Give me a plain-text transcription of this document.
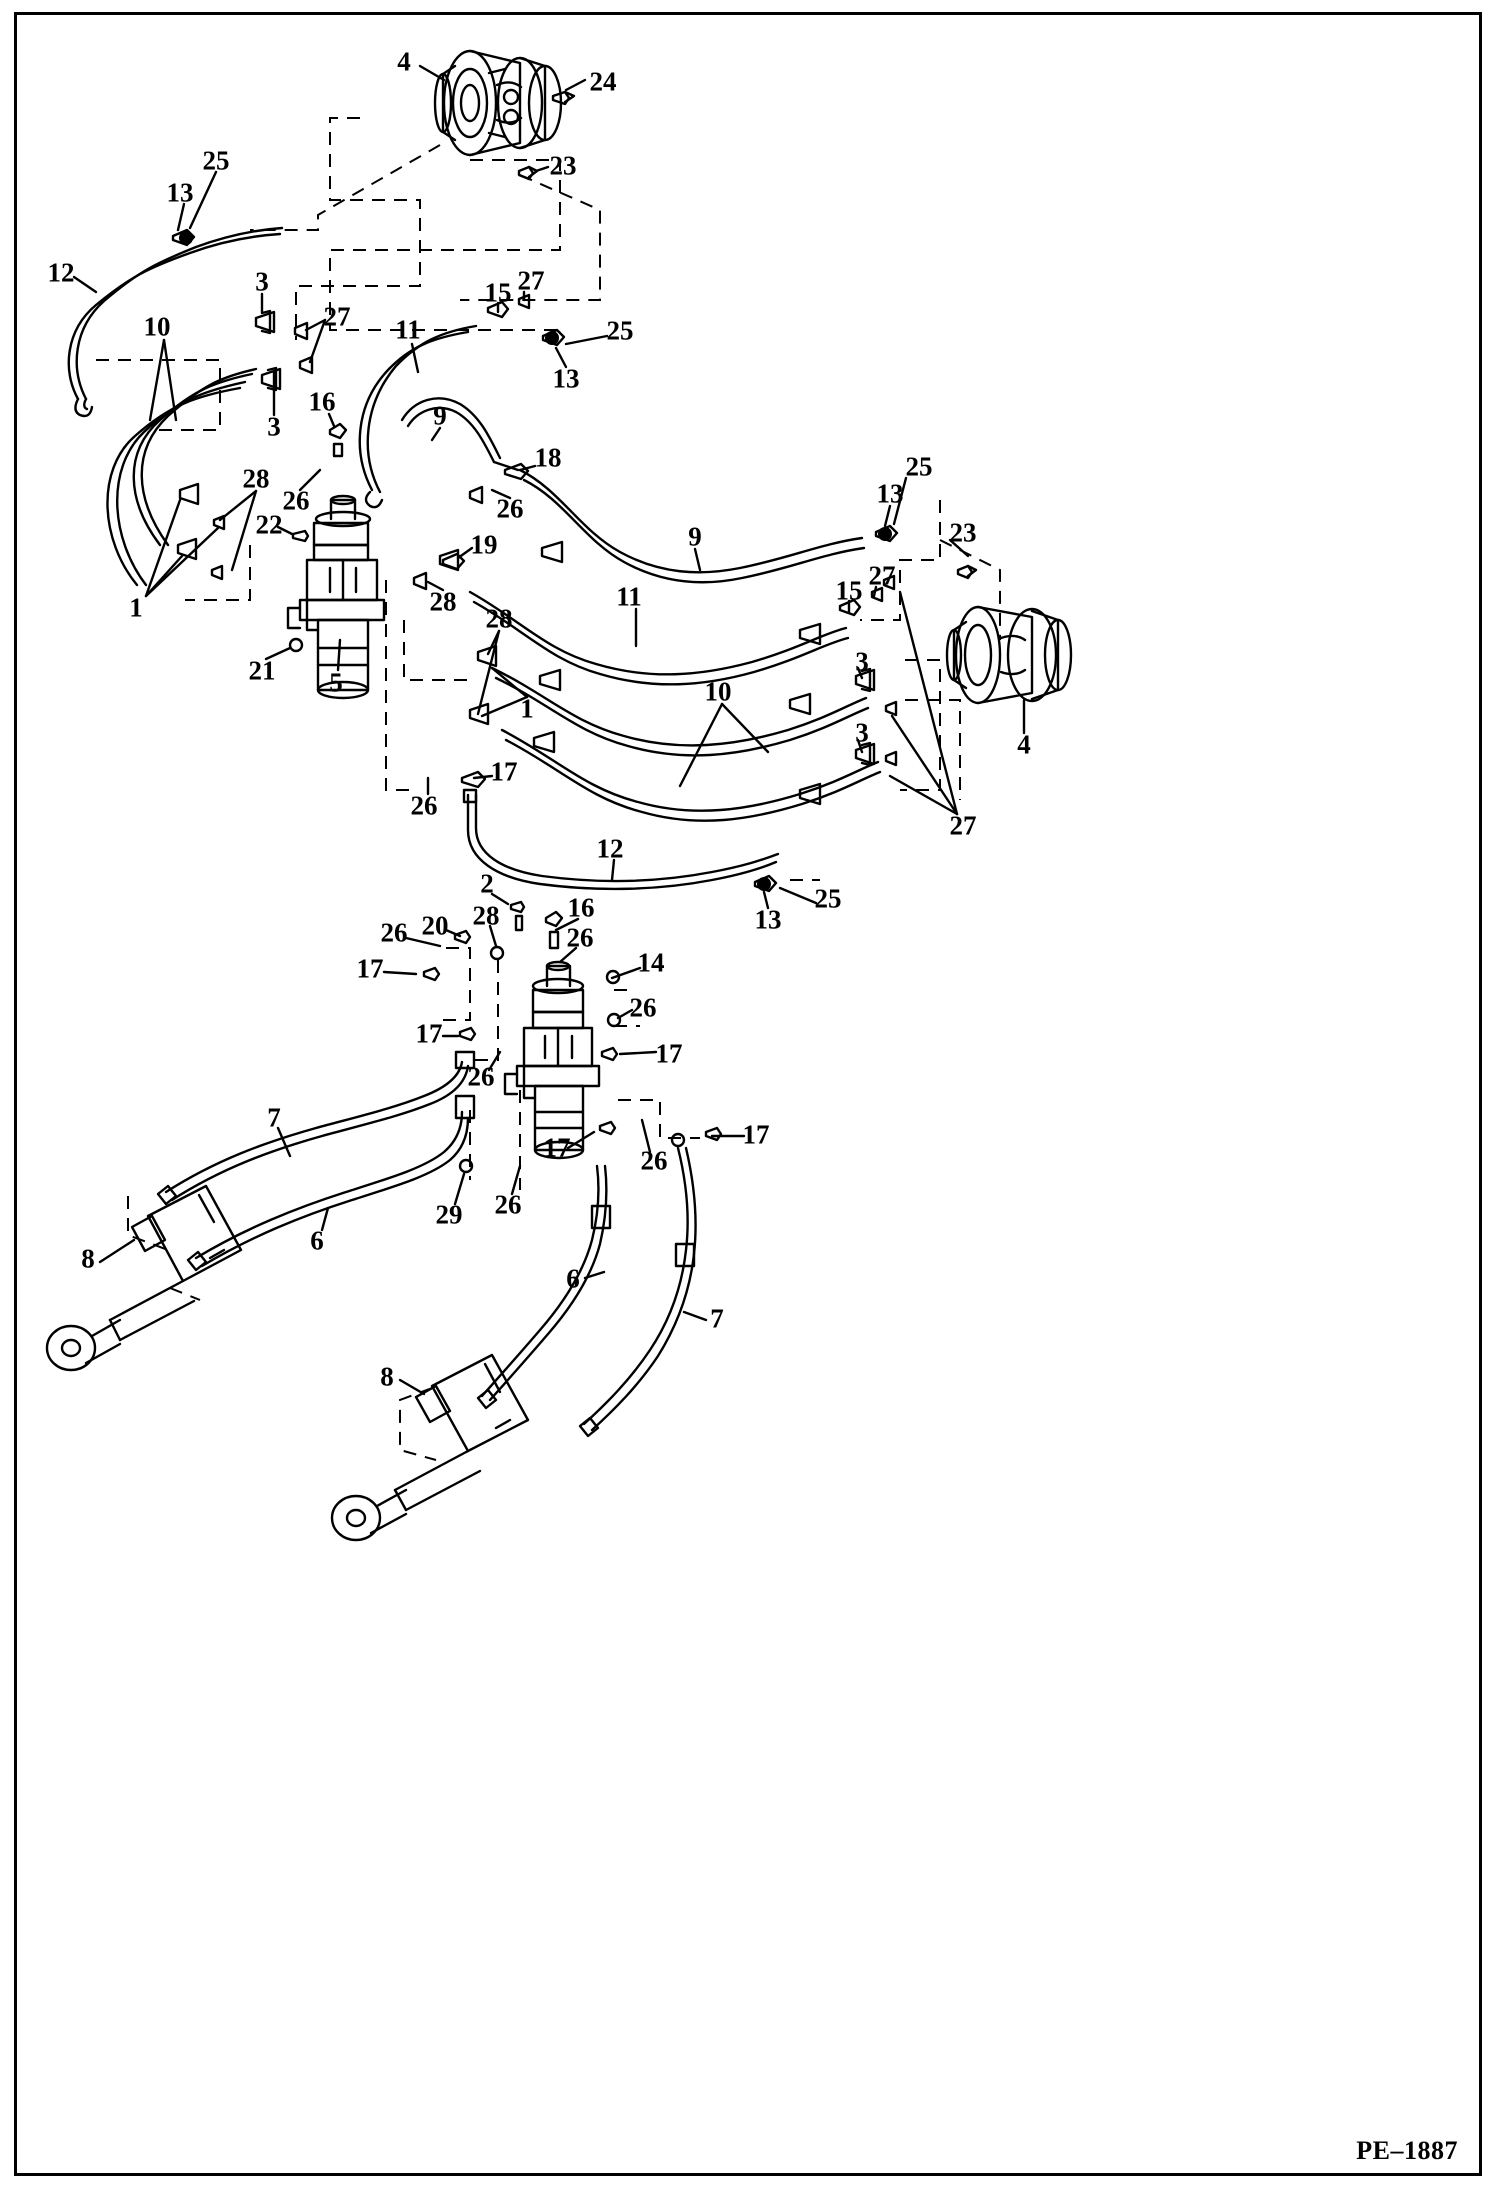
4
24
23
25
13
12	3
27
10	11
15 27
25
13
3
16	9
18	25
13
23
26	26
28
22
19	9
28	11	15 27
1
21 5
28
3
1
10
4
3
27
17
26
12
13
25
2
16
20 28
26	26
17	14
26
17
17
26
7
17
17	26
29 26
6
8
6
7
8
PE–1887
